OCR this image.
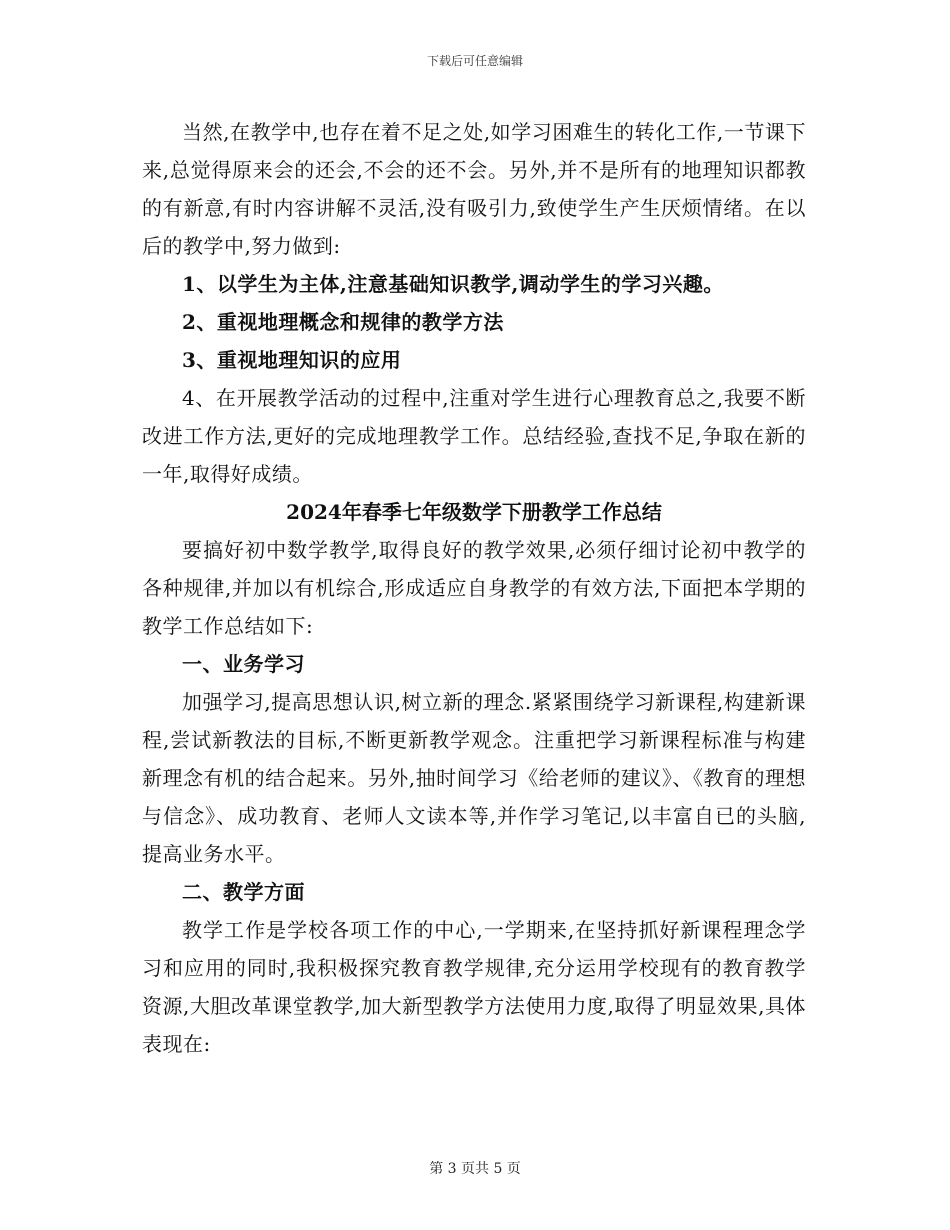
下载后可任意编辑

当然,在教学中,也存在着不足之处,如学习困难生的转化工作,一节课下来,总觉得原来会的还会,不会的还不会。另外,并不是所有的地理知识都教的有新意,有时内容讲解不灵活,没有吸引力,致使学生产生厌烦情绪。在以后的教学中,努力做到:

1、以学生为主体,注意基础知识教学,调动学生的学习兴趣。

2、重视地理概念和规律的教学方法

3、重视地理知识的应用

4、在开展教学活动的过程中,注重对学生进行心理教育总之,我要不断改进工作方法,更好的完成地理教学工作。总结经验,查找不足,争取在新的一年,取得好成绩。

2024年春季七年级数学下册教学工作总结

要搞好初中数学教学,取得良好的教学效果,必须仔细讨论初中教学的各种规律,并加以有机综合,形成适应自身教学的有效方法,下面把本学期的教学工作总结如下:

一、业务学习

加强学习,提高思想认识,树立新的理念.紧紧围绕学习新课程,构建新课程,尝试新教法的目标,不断更新教学观念。注重把学习新课程标准与构建新理念有机的结合起来。另外,抽时间学习《给老师的建议》、《教育的理想与信念》、成功教育、老师人文读本等,并作学习笔记,以丰富自已的头脑,提高业务水平。

二、教学方面

教学工作是学校各项工作的中心,一学期来,在坚持抓好新课程理念学习和应用的同时,我积极探究教育教学规律,充分运用学校现有的教育教学资源,大胆改革课堂教学,加大新型教学方法使用力度,取得了明显效果,具体表现在:

第 3 页共 5 页
